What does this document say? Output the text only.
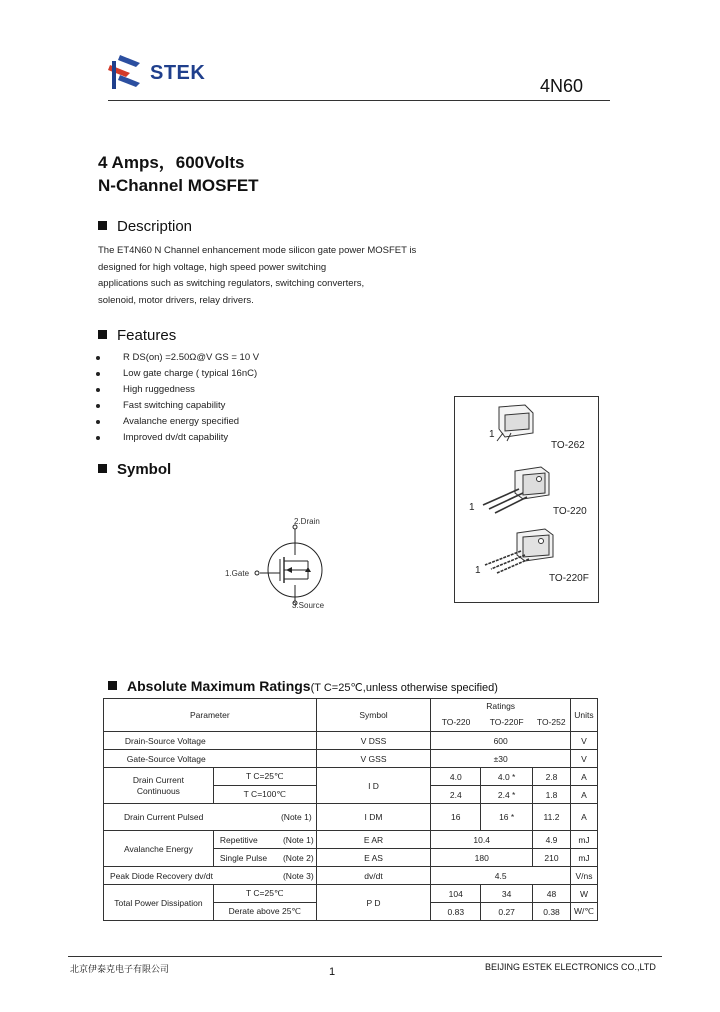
STEK
4N60
4 Amps，600Volts
N-Channel MOSFET
Description
The ET4N60 N Channel enhancement mode silicon gate power MOSFET is
designed for high voltage, high speed power switching
applications such as switching regulators, switching converters,
solenoid, motor drivers, relay drivers.
Features
R DS(on) =2.50Ω@V GS = 10 V
Low gate charge ( typical 16nC)
High ruggedness
Fast switching capability
Avalanche energy specified
Improved dv/dt capability
Symbol
2.Drain
1.Gate
3.Source
1
TO-262
1	TO-220
1
TO-220F
Absolute Maximum Ratings(T C=25℃,unless otherwise specified)
Parameter		Symbol	Ratings			Units
			TO-220	TO-220F	TO-252	
Drain-Source Voltage		V DSS	600			V
Gate-Source Voltage		V GSS	±30			V
Drain Current Continuous	T C=25℃	I D	4.0	4.0 *	2.8	A
	T C=100℃		2.4	2.4 *	1.8	A
Drain Current Pulsed (Note 1)		I DM	16	16 *	11.2	A
Avalanche Energy	Repetitive (Note 1)	E AR	10.4		4.9	mJ
	Single Pulse (Note 2)	E AS	180		210	mJ
Peak Diode Recovery dv/dt (Note 3)		dv/dt	4.5			V/ns
Total Power Dissipation	T C=25℃	P D	104	34	48	W
	Derate above 25℃		0.83	0.27	0.38	W/℃
北京伊泰克电子有限公司	1	BEIJING ESTEK ELECTRONICS CO.,LTD
